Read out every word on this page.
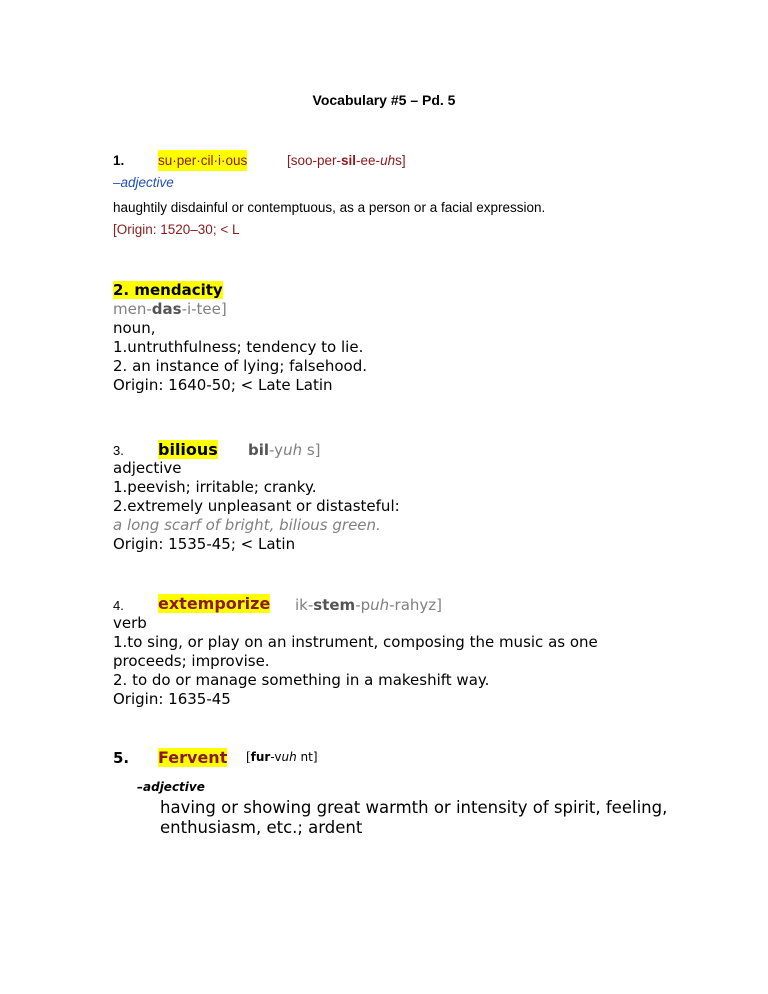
Vocabulary #5 – Pd. 5
1. su·per·cil·i·ous	[soo-per-sil-ee-uhs]
–adjective
haughtily disdainful or contemptuous, as a person or a facial expression.
[Origin: 1520–30; < L
2. mendacity
men-das-i-tee]
noun,
1.untruthfulness; tendency to lie.
2. an instance of lying; falsehood.
Origin: 1640-50; < Late Latin
3. bilious bil-yuh s]
adjective
1.peevish; irritable; cranky.
2.extremely unpleasant or distasteful:
a long scarf of bright, bilious green.
Origin: 1535-45; < Latin
4. extemporize ik-stem-puh-rahyz]
verb
1.to sing, or play on an instrument, composing the music as one
proceeds; improvise.
2. to do or manage something in a makeshift way.
Origin: 1635-45
5. Fervent [fur-vuh nt]
–adjective
having or showing great warmth or intensity of spirit, feeling,
enthusiasm, etc.; ardent
